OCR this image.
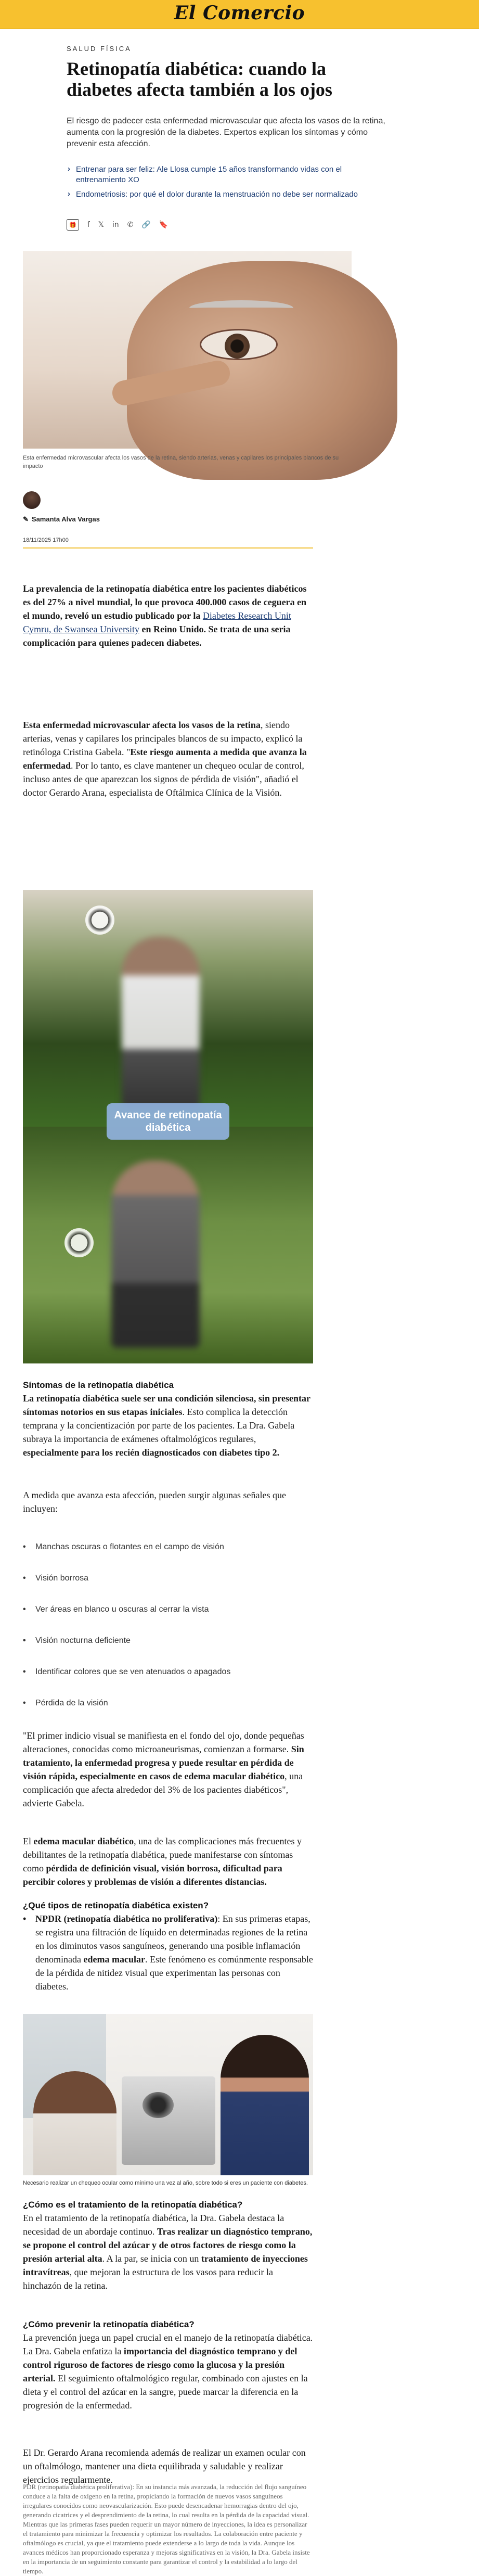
El Comercio
SALUD FÍSICA
Retinopatía diabética: cuando la diabetes afecta también a los ojos

El riesgo de padecer esta enfermedad microvascular que afecta los vasos de la retina, aumenta con la progresión de la diabetes. Expertos explican los síntomas y cómo prevenir esta afección.

› Entrenar para ser feliz: Ale Llosa cumple 15 años transformando vidas con el entrenamiento XO
› Endometriosis: por qué el dolor durante la menstruación no debe ser normalizado
🎁	f 𝕏 in ✆ 🔗 🔖

Esta enfermedad microvascular afecta los vasos de la retina, siendo arterias, venas y capilares los principales blancos de su impacto

✎ Samanta Alva Vargas
18/11/2025 17h00
La prevalencia de la retinopatía diabética entre los pacientes diabéticos es del 27% a nivel mundial, lo que provoca 400.000 casos de ceguera en el mundo, reveló un estudio publicado por la Diabetes Research Unit Cymru, de Swansea University en Reino Unido. Se trata de una seria complicación para quienes padecen diabetes.
Esta enfermedad microvascular afecta los vasos de la retina, siendo arterias, venas y capilares los principales blancos de su impacto, explicó la retinóloga Cristina Gabela. "Este riesgo aumenta a medida que avanza la enfermedad. Por lo tanto, es clave mantener un chequeo ocular de control, incluso antes de que aparezcan los signos de pérdida de visión", añadió el doctor Gerardo Arana, especialista de Oftálmica Clínica de la Visión.
Avance de retinopatía diabética
Síntomas de la retinopatía diabética

La retinopatía diabética suele ser una condición silenciosa, sin presentar síntomas notorios en sus etapas iniciales. Esto complica la detección temprana y la concientización por parte de los pacientes. La Dra. Gabela subraya la importancia de exámenes oftalmológicos regulares, especialmente para los recién diagnosticados con diabetes tipo 2.

A medida que avanza esta afección, pueden surgir algunas señales que incluyen:
• Manchas oscuras o flotantes en el campo de visión
• Visión borrosa
• Ver áreas en blanco u oscuras al cerrar la vista
• Visión nocturna deficiente
• Identificar colores que se ven atenuados o apagados
• Pérdida de la visión
"El primer indicio visual se manifiesta en el fondo del ojo, donde pequeñas alteraciones, conocidas como microaneurismas, comienzan a formarse. Sin tratamiento, la enfermedad progresa y puede resultar en pérdida de visión rápida, especialmente en casos de edema macular diabético, una complicación que afecta alrededor del 3% de los pacientes diabéticos", advierte Gabela.
El edema macular diabético, una de las complicaciones más frecuentes y debilitantes de la retinopatía diabética, puede manifestarse con síntomas como pérdida de definición visual, visión borrosa, dificultad para percibir colores y problemas de visión a diferentes distancias.
¿Qué tipos de retinopatía diabética existen?
• NPDR (retinopatía diabética no proliferativa): En sus primeras etapas, se registra una filtración de líquido en determinadas regiones de la retina en los diminutos vasos sanguíneos, generando una posible inflamación denominada edema macular. Este fenómeno es comúnmente responsable de la pérdida de nitidez visual que experimentan las personas con diabetes.

Necesario realizar un chequeo ocular como mínimo una vez al año, sobre todo si eres un paciente con diabetes.

¿Cómo es el tratamiento de la retinopatía diabética?

En el tratamiento de la retinopatía diabética, la Dra. Gabela destaca la necesidad de un abordaje continuo. Tras realizar un diagnóstico temprano, se propone el control del azúcar y de otros factores de riesgo como la presión arterial alta. A la par, se inicia con un tratamiento de inyecciones intravítreas, que mejoran la estructura de los vasos para reducir la hinchazón de la retina.

¿Cómo prevenir la retinopatía diabética?

La prevención juega un papel crucial en el manejo de la retinopatía diabética. La Dra. Gabela enfatiza la importancia del diagnóstico temprano y del control riguroso de factores de riesgo como la glucosa y la presión arterial. El seguimiento oftalmológico regular, combinado con ajustes en la dieta y el control del azúcar en la sangre, puede marcar la diferencia en la progresión de la enfermedad.

El Dr. Gerardo Arana recomienda además de realizar un examen ocular con un oftalmólogo, mantener una dieta equilibrada y saludable y realizar ejercicios regularmente.
PDR (retinopatía diabética proliferativa): En su instancia más avanzada, la reducción del flujo sanguíneo conduce a la falta de oxígeno en la retina, propiciando la formación de nuevos vasos sanguíneos irregulares conocidos como neovascularización. Esto puede desencadenar hemorragias dentro del ojo, generando cicatrices y el desprendimiento de la retina, lo cual resulta en la pérdida de la capacidad visual. Mientras que las primeras fases pueden requerir un mayor número de inyecciones, la idea es personalizar el tratamiento para minimizar la frecuencia y optimizar los resultados. La colaboración entre paciente y oftalmólogo es crucial, ya que el tratamiento puede extenderse a lo largo de toda la vida. Aunque los avances médicos han proporcionado esperanza y mejoras significativas en la visión, la Dra. Gabela insiste en la importancia de un seguimiento constante para garantizar el control y la estabilidad a lo largo del tiempo.
